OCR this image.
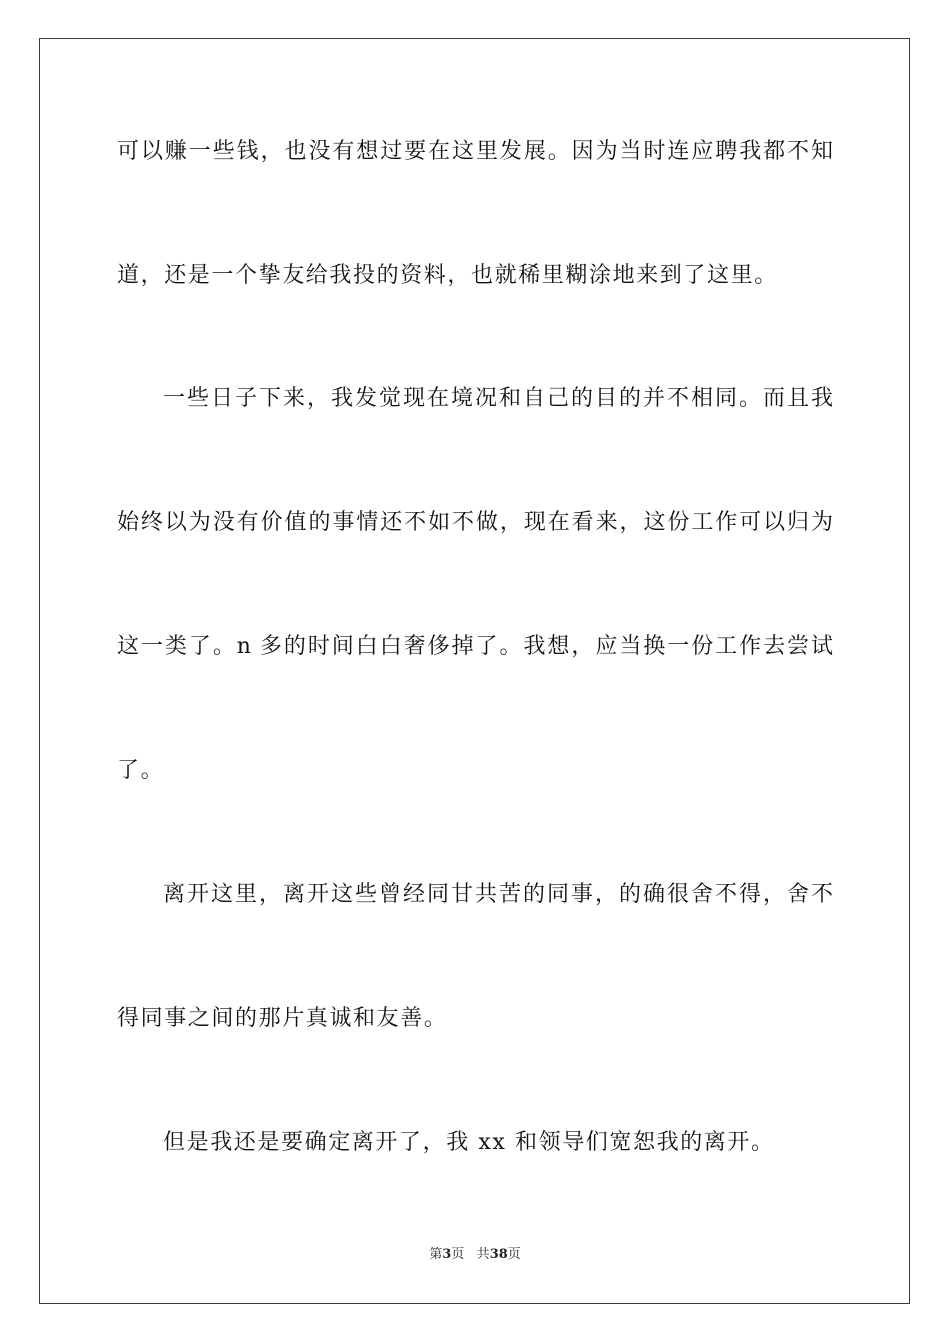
可以赚一些钱，也没有想过要在这里发展。因为当时连应聘我都不知
道，还是一个挚友给我投的资料，也就稀里糊涂地来到了这里。
一些日子下来，我发觉现在境况和自己的目的并不相同。而且我
始终以为没有价值的事情还不如不做，现在看来，这份工作可以归为
这一类了。n 多的时间白白奢侈掉了。我想，应当换一份工作去尝试
了。
离开这里，离开这些曾经同甘共苦的同事，的确很舍不得，舍不
得同事之间的那片真诚和友善。
但是我还是要确定离开了，我 xx 和领导们宽恕我的离开。
第3页 共38页
